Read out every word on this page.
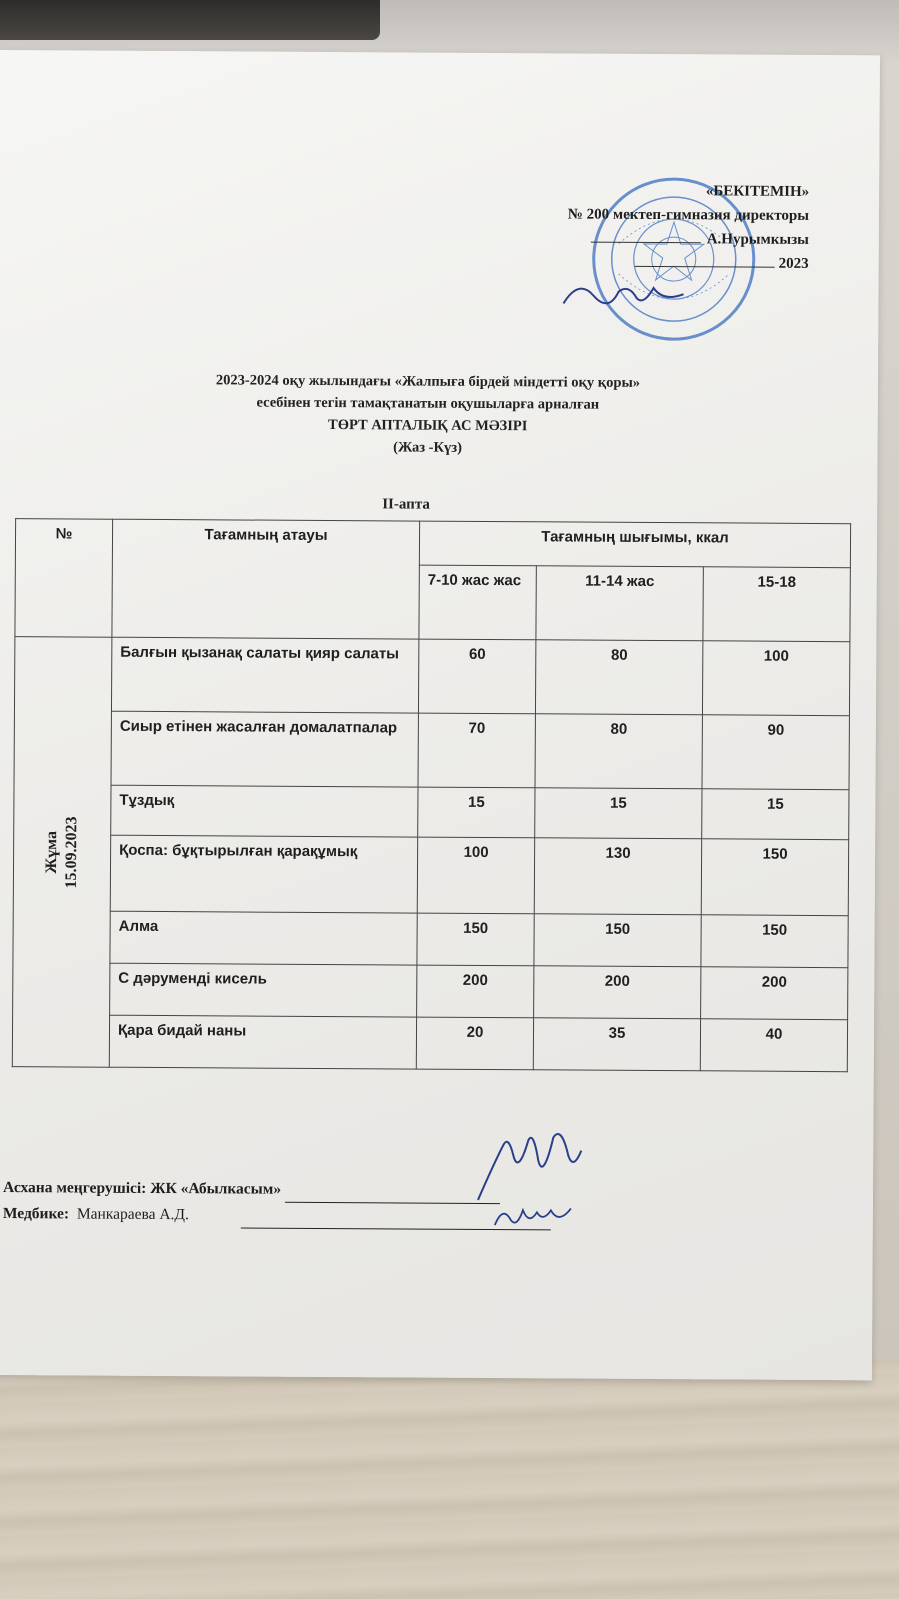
«БЕКІТЕМІН»
№ 200 мектеп-гимназия директоры
А.Нурымкызы
2023
2023-2024 оқу жылындағы «Жалпыға бірдей міндетті оқу қоры»
есебінен тегін тамақтанатын оқушыларға арналған
ТӨРТ АПТАЛЫҚ АС МӘЗІРІ
(Жаз -Күз)
ІІ-апта
№	Тағамның атауы	Тағамның шығымы, ккал		
		7-10 жас жас	11-14 жас	15-18

Жұма 15.09.2023	Балғын қызанақ салаты қияр салаты	60	80	100
	Сиыр етінен жасалған домалатпалар	70	80	90
	Тұздық	15	15	15
	Қоспа: бұқтырылған қарақұмық	100	130	150
	Алма	150	150	150
	С дәруменді кисель	200	200	200
	Қара бидай наны	20	35	40
Асхана меңгерушісі: ЖК «Абылкасым»
Медбике: Манкараева А.Д.
